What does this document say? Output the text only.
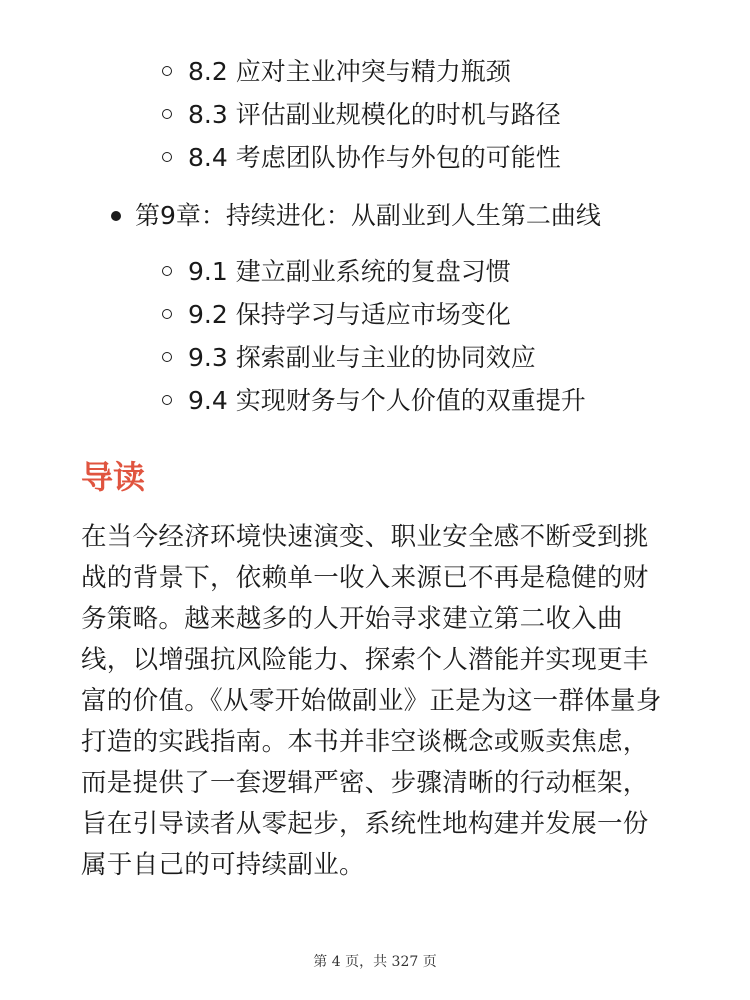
8.2 应对主业冲突与精力瓶颈
8.3 评估副业规模化的时机与路径
8.4 考虑团队协作与外包的可能性
第9章：持续进化：从副业到人生第二曲线
9.1 建立副业系统的复盘习惯
9.2 保持学习与适应市场变化
9.3 探索副业与主业的协同效应
9.4 实现财务与个人价值的双重提升
导读

在当今经济环境快速演变、职业安全感不断受到挑战的背景下，依赖单一收入来源已不再是稳健的财务策略。越来越多的人开始寻求建立第二收入曲线，以增强抗风险能力、探索个人潜能并实现更丰富的价值。《从零开始做副业》正是为这一群体量身打造的实践指南。本书并非空谈概念或贩卖焦虑，而是提供了一套逻辑严密、步骤清晰的行动框架，旨在引导读者从零起步，系统性地构建并发展一份属于自己的可持续副业。

第 4 页，共 327 页
